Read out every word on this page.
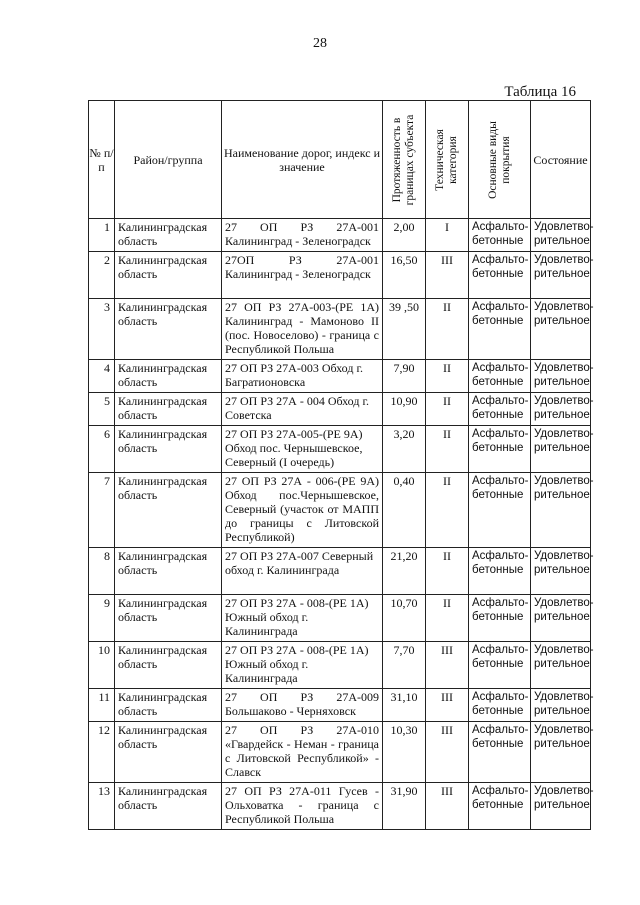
28
Таблица 16
№ п/п	Район/группа	Наименование дорог, индекс и значение	Протяженность в границах субъекта	Техническая категория	Основные виды покрытия	Состояние
1	Калининградская область	27 ОП РЗ 27А-001 Калининград - Зеленоградск	2,00	I	Асфальто-бетонные	Удовлетво-рительное
2	Калининградская область	27ОП РЗ 27А-001 Калининград - Зеленоградск	16,50	III	Асфальто-бетонные	Удовлетво-рительное
3	Калининградская область	27 ОП РЗ 27А-003-(РЕ 1А) Калининград - Мамоново II (пос. Новоселово) - граница с Республикой Польша	39 ,50	II	Асфальто-бетонные	Удовлетво-рительное
4	Калининградская область	27 ОП РЗ 27А-003 Обход г. Багратионовска	7,90	II	Асфальто-бетонные	Удовлетво-рительное
5	Калининградская область	27 ОП РЗ 27А - 004 Обход г. Советска	10,90	II	Асфальто-бетонные	Удовлетво-рительное
6	Калининградская область	27 ОП РЗ 27А-005-(РЕ 9А) Обход пос. Чернышевское, Северный (I очередь)	3,20	II	Асфальто-бетонные	Удовлетво-рительное
7	Калининградская область	27 ОП РЗ 27А - 006-(РЕ 9А) Обход пос.Чернышевское, Северный (участок от МАПП до границы с Литовской Республикой)	0,40	II	Асфальто-бетонные	Удовлетво-рительное
8	Калининградская область	27 ОП РЗ 27А-007 Северный обход г. Калининграда	21,20	II	Асфальто-бетонные	Удовлетво-рительное
9	Калининградская область	27 ОП РЗ 27А - 008-(РЕ 1А) Южный обход г. Калининграда	10,70	II	Асфальто-бетонные	Удовлетво-рительное
10	Калининградская область	27 ОП РЗ 27А - 008-(РЕ 1А) Южный обход г. Калининграда	7,70	III	Асфальто-бетонные	Удовлетво-рительное
11	Калининградская область	27 ОП РЗ 27А-009 Большаково - Черняховск	31,10	III	Асфальто-бетонные	Удовлетво-рительное
12	Калининградская область	27 ОП РЗ 27А-010 «Гвардейск - Неман - граница с Литовской Республикой» - Славск	10,30	III	Асфальто-бетонные	Удовлетво-рительное
13	Калининградская область	27 ОП РЗ 27А-011 Гусев - Ольховатка - граница с Республикой Польша	31,90	III	Асфальто-бетонные	Удовлетво-рительное
